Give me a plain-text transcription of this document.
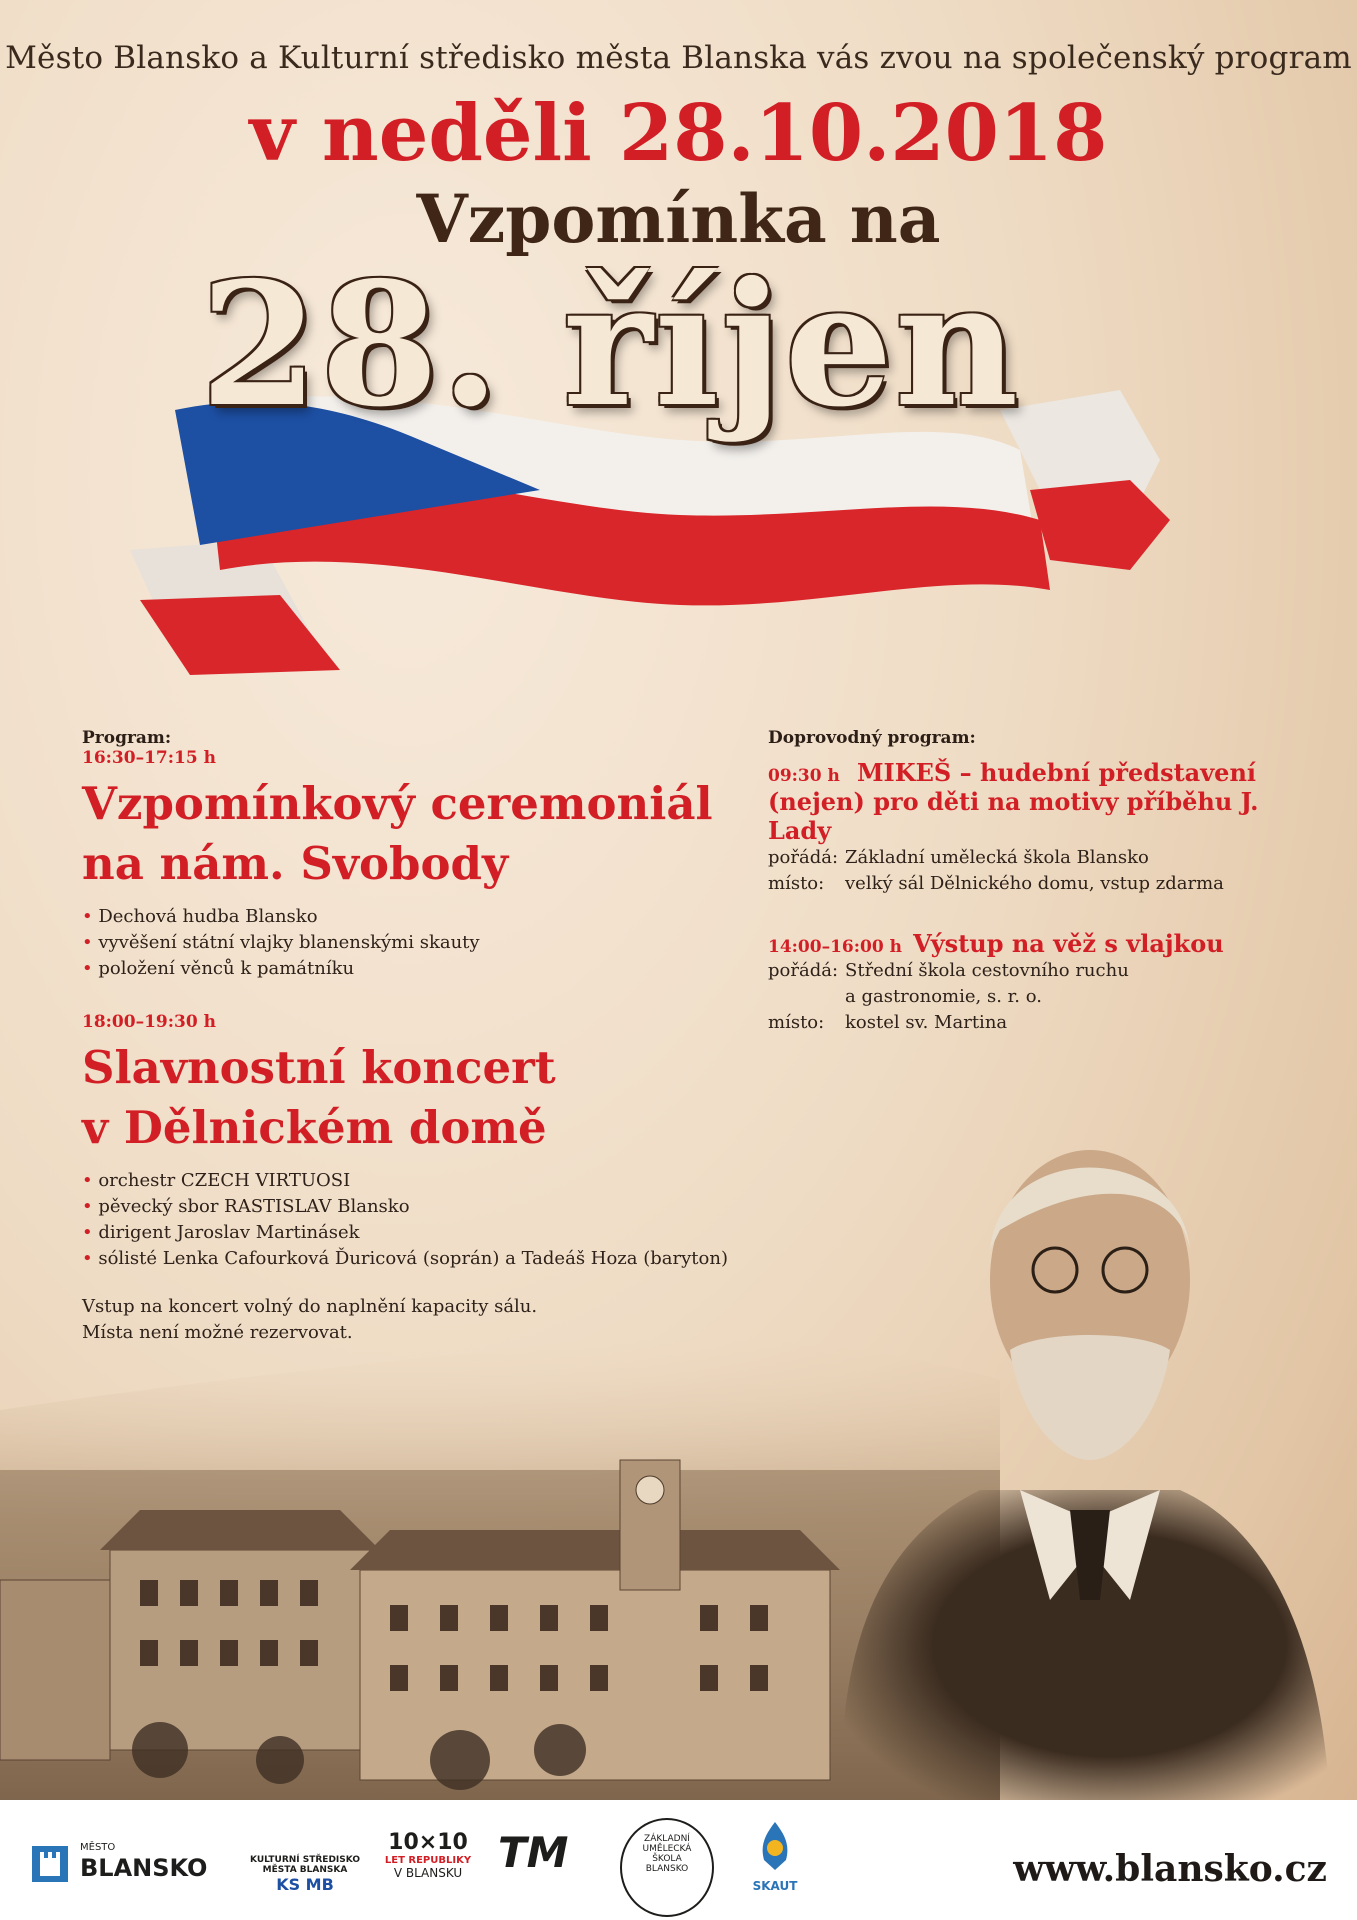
Město Blansko a Kulturní středisko města Blanska vás zvou na společenský program
v neděli 28.10.2018
Vzpomínka na
28. říjen
Program:
16:30–17:15 h
Vzpomínkový ceremoniál
na nám. Svobody
• Dechová hudba Blansko
• vyvěšení státní vlajky blanenskými skauty
• položení věnců k památníku
18:00–19:30 h
Slavnostní koncert
v Dělnickém domě
• orchestr CZECH VIRTUOSI
• pěvecký sbor RASTISLAV Blansko
• dirigent Jaroslav Martinásek
• sólisté Lenka Cafourková Ďuricová (soprán) a Tadeáš Hoza (baryton)
Vstup na koncert volný do naplnění kapacity sálu.
Místa není možné rezervovat.
Doprovodný program:
09:30 h MIKEŠ – hudební představení
(nejen) pro děti na motivy příběhu J. Lady
pořádá: Základní umělecká škola Blansko
místo: velký sál Dělnického domu, vstup zdarma
14:00–16:00 h Výstup na věž s vlajkou
pořádá: Střední škola cestovního ruchu
a gastronomie, s. r. o.
místo: kostel sv. Martina
MĚSTO
BLANSKO	KULTURNÍ STŘEDISKO MĚSTA BLANSKA
KS MB
10×10
LET REPUBLIKY
V BLANSKU TM	ZÁKLADNÍ
UMĚLECKÁ
ŠKOLA
BLANSKO
SKAUT	www.blansko.cz
